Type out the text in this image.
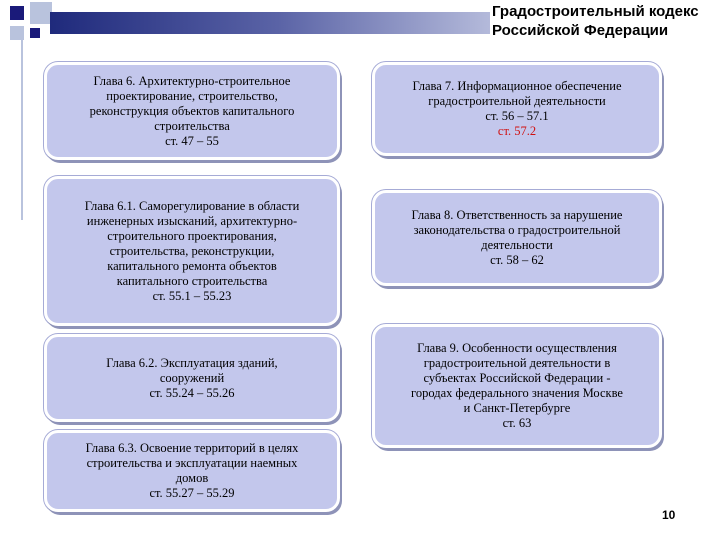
Градостроительный кодекс
Российской Федерации
Глава 6. Архитектурно-строительное
проектирование, строительство,
реконструкция объектов капитального
строительства
ст. 47 – 55
Глава 6.1. Саморегулирование в области
инженерных изысканий, архитектурно-
строительного проектирования,
строительства, реконструкции,
капитального ремонта объектов
капитального строительства
ст. 55.1 – 55.23
Глава 6.2. Эксплуатация зданий,
сооружений
ст. 55.24 – 55.26
Глава 6.3. Освоение территорий в целях
строительства и эксплуатации наемных
домов
ст. 55.27 – 55.29
Глава 7. Информационное обеспечение
градостроительной деятельности
ст. 56 – 57.1
ст. 57.2
Глава 8. Ответственность за нарушение
законодательства о градостроительной
деятельности
ст. 58 – 62
Глава 9. Особенности осуществления
градостроительной деятельности в
субъектах Российской Федерации -
городах федерального значения Москве
и Санкт-Петербурге
ст. 63
10
